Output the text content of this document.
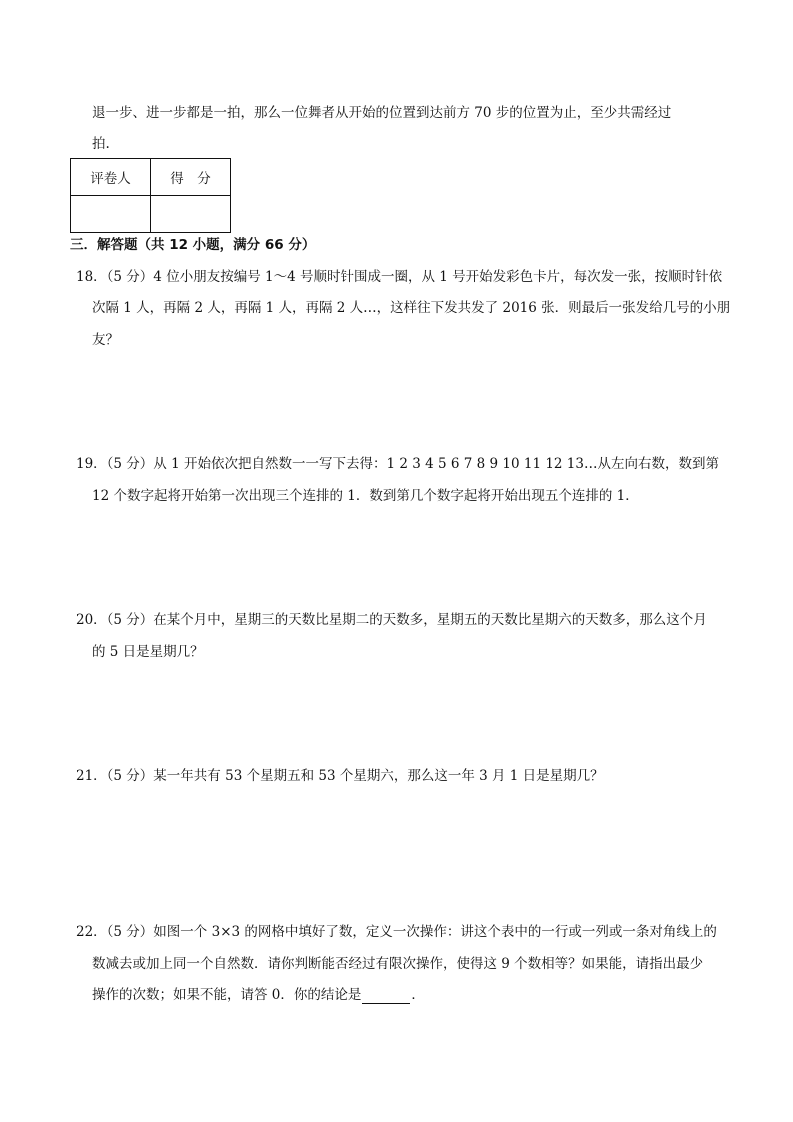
退一步、进一步都是一拍，那么一位舞者从开始的位置到达前方 70 步的位置为止，至少共需经过
拍.
评卷人	得　分

三．解答题（共 12 小题，满分 66 分）
18．（5 分）4 位小朋友按编号 1～4 号顺时针围成一圈，从 1 号开始发彩色卡片，每次发一张，按顺时针依
次隔 1 人，再隔 2 人，再隔 1 人，再隔 2 人…，这样往下发共发了 2016 张．则最后一张发给几号的小朋
友？
19．（5 分）从 1 开始依次把自然数一一写下去得：1 2 3 4 5 6 7 8 9 10 11 12 13…从左向右数，数到第
12 个数字起将开始第一次出现三个连排的 1．数到第几个数字起将开始出现五个连排的 1．
20．（5 分）在某个月中，星期三的天数比星期二的天数多，星期五的天数比星期六的天数多，那么这个月
的 5 日是星期几？
21．（5 分）某一年共有 53 个星期五和 53 个星期六，那么这一年 3 月 1 日是星期几？
22．（5 分）如图一个 3×3 的网格中填好了数，定义一次操作：讲这个表中的一行或一列或一条对角线上的
数减去或加上同一个自然数．请你判断能否经过有限次操作，使得这 9 个数相等？如果能，请指出最少
操作的次数；如果不能，请答 0．你的结论是	．
